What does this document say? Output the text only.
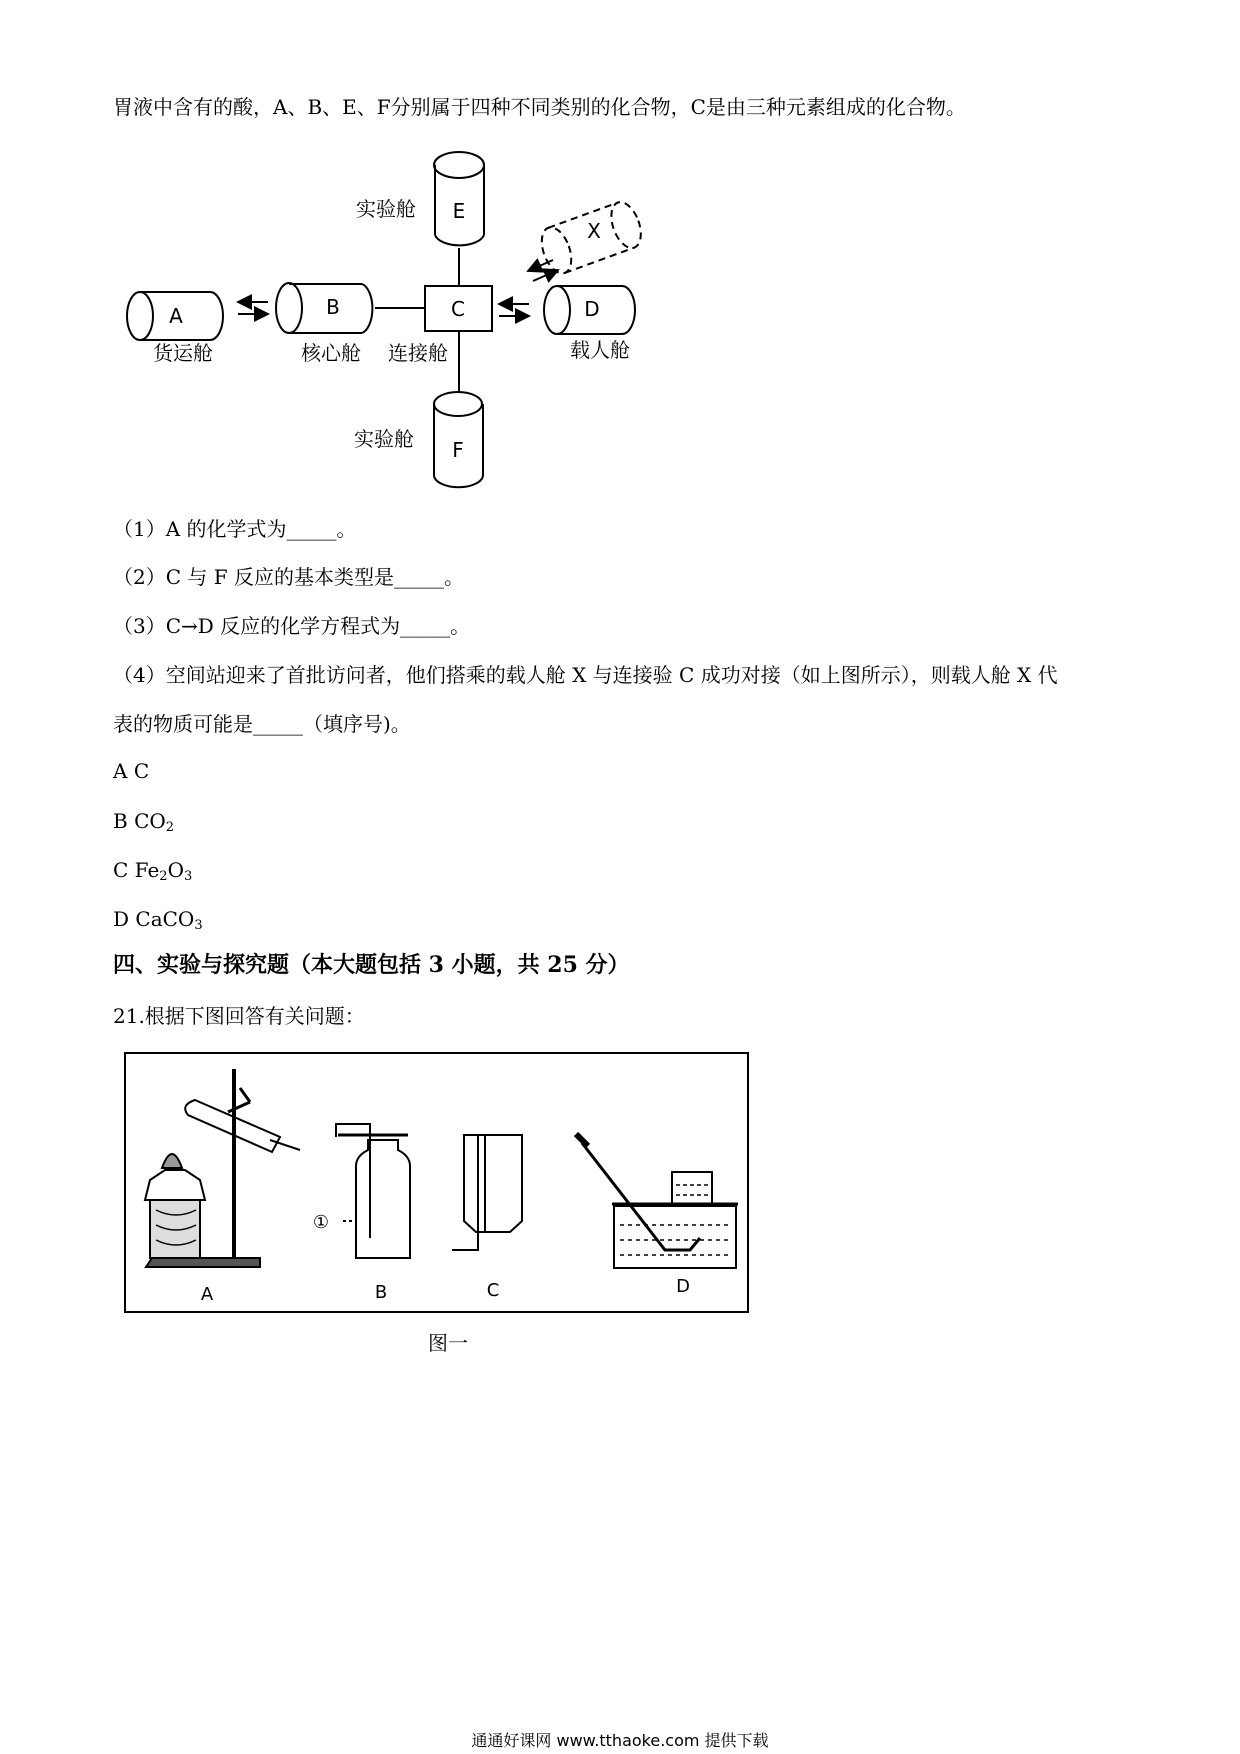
胃液中含有的酸，A、B、E、F分别属于四种不同类别的化合物，C是由三种元素组成的化合物。
A	B	C	D
E
F
X
货运舱	核心舱 连接舱	载人舱
实验舱
实验舱
A	B	C	D
①
（1）A 的化学式为_____。
（2）C 与 F 反应的基本类型是_____。
（3）C→D 反应的化学方程式为_____。
（4）空间站迎来了首批访问者，他们搭乘的载人舱 X 与连接验 C 成功对接（如上图所示），则载人舱 X 代
表的物质可能是_____（填序号)。
A C
B $CO_2$
C $Fe_2O_3$
D CaCO$_3$
四、实验与探究题（本大题包括 3 小题，共 25 分）
21.根据下图回答有关问题：
图一
通通好课网 www.tthaoke.com 提供下载
